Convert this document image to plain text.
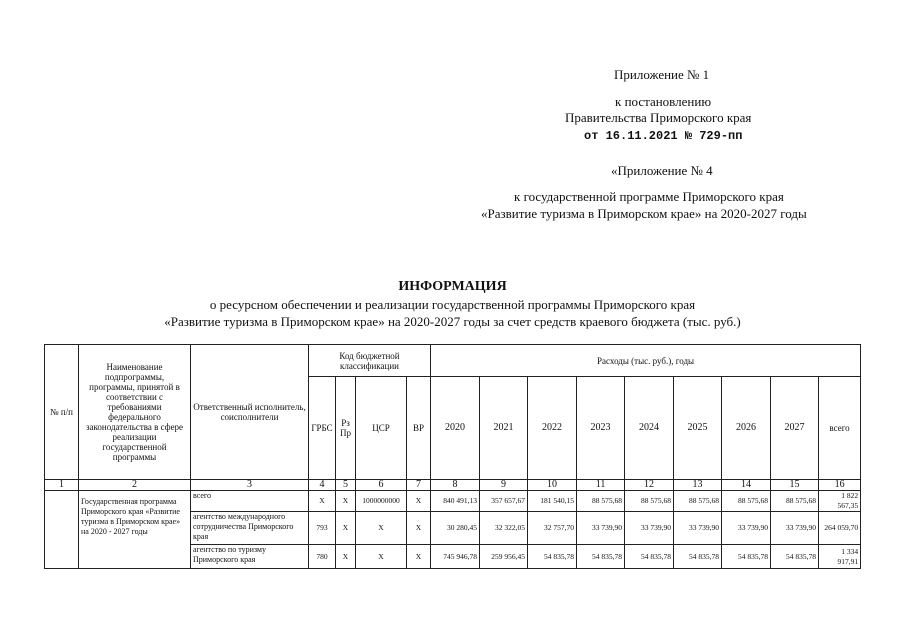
Приложение № 1
к постановлению
Правительства Приморского края
от 16.11.2021 № 729-пп
«Приложение № 4
к государственной программе Приморского края
«Развитие туризма в Приморском крае» на 2020-2027 годы
ИНФОРМАЦИЯ
о ресурсном обеспечении и реализации государственной программы Приморского края
«Развитие туризма в Приморском крае» на 2020-2027 годы за счет средств краевого бюджета (тыс. руб.)
№ п/п	Наименование подпрограммы, программы, принятой в соответствии с требованиями федерального законодательства в сфере реализации государственной программы	Ответственный исполнитель, соисполнители	Код бюджетной классификации				Расходы (тыс. руб.), годы								
			ГРБС	Рз Пр	ЦСР	ВР	2020	2021	2022	2023	2024	2025	2026	2027	всего
1	2	3	4	5	6	7	8	9	10	11	12	13	14	15	16
	Государственная программа Приморского края «Развитие туризма в Приморском крае» на 2020 - 2027 годы	всего	X	X	1000000000	X	840 491,13	357 657,67	181 540,15	88 575,68	88 575,68	88 575,68	88 575,68	88 575,68	1 822 567,35
		агентство международного сотрудничества Приморского края	793	X	X	X	30 280,45	32 322,05	32 757,70	33 739,90	33 739,90	33 739,90	33 739,90	33 739,90	264 059,70
		агентство по туризму Приморского края	780	X	X	X	745 946,78	259 956,45	54 835,78	54 835,78	54 835,78	54 835,78	54 835,78	54 835,78	1 334 917,91
